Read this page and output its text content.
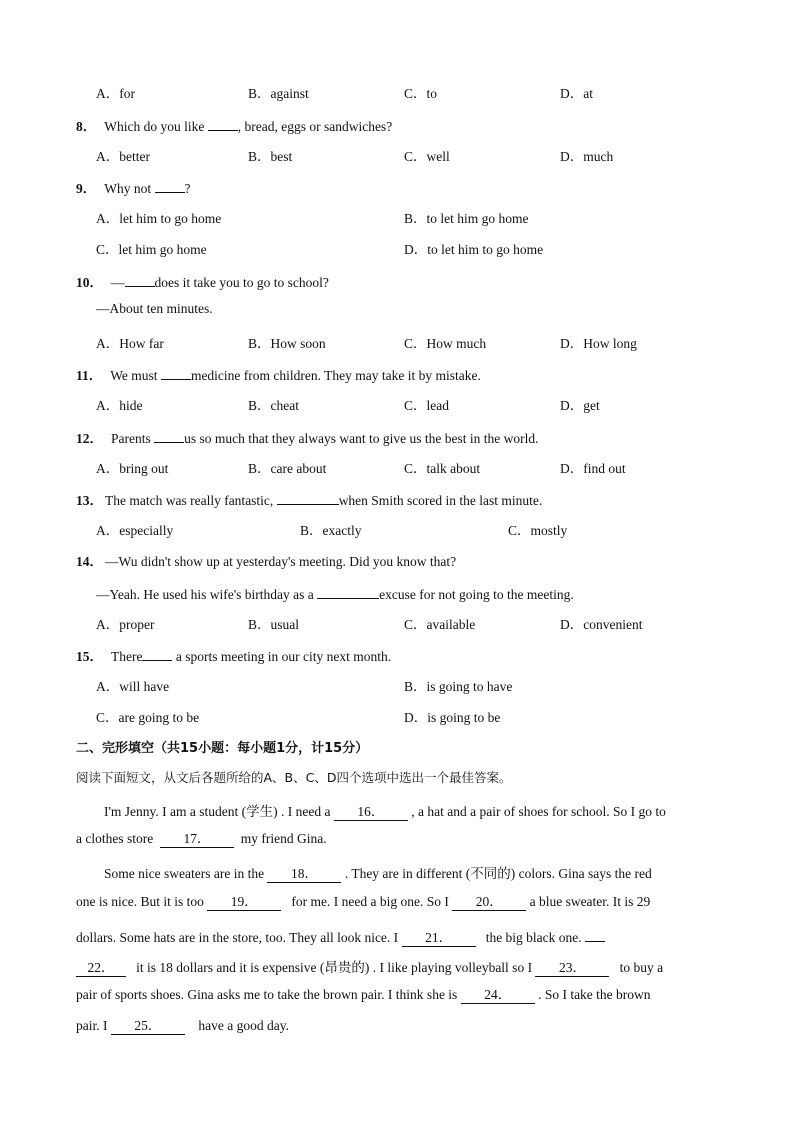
A．for	B．against	C．to	D．at
8． Which do you like , bread, eggs or sandwiches?
A．better	B．best	C．well	D．much
9． Why not ?
A．let him to go home	B．to let him go home
C．let him go home	D．to let him to go home
10． — does it take you to go to school?
—About ten minutes.
A．How far	B．How soon	C．How much	D．How long
11． We must medicine from children. They may take it by mistake.
A．hide	B．cheat	C．lead	D．get
12． Parents us so much that they always want to give us the best in the world.
A．bring out	B．care about	C．talk about	D．find out
13． The match was really fantastic,	when Smith scored in the last minute.
A．especially	B．exactly	C．mostly
14． —Wu didn't show up at yesterday's meeting. Did you know that?
—Yeah. He used his wife's birthday as a	excuse for not going to the meeting.
A．proper	B．usual	C．available	D．convenient
15． There a sports meeting in our city next month.
A．will have	B．is going to have
C．are going to be	D．is going to be
二、完形填空（共15小题：每小题1分，计15分）
阅读下面短文，从文后各题所给的A、B、C、D四个选项中选出一个最佳答案。
I'm Jenny. I am a student (学生) . I need a 16． , a hat and a pair of shoes for school. So I go to
a clothes store 17． my friend Gina.
Some nice sweaters are in the 18． . They are in different (不同的) colors. Gina says the red
one is nice. But it is too 19． for me. I need a big one. So I 20． a blue sweater. It is 29
dollars. Some hats are in the store, too. They all look nice. I 21． the big black one.
22． it is 18 dollars and it is expensive (昂贵的) . I like playing volleyball so I 23． to buy a
pair of sports shoes. Gina asks me to take the brown pair. I think she is 24． . So I take the brown
pair. I 25．	have a good day.
